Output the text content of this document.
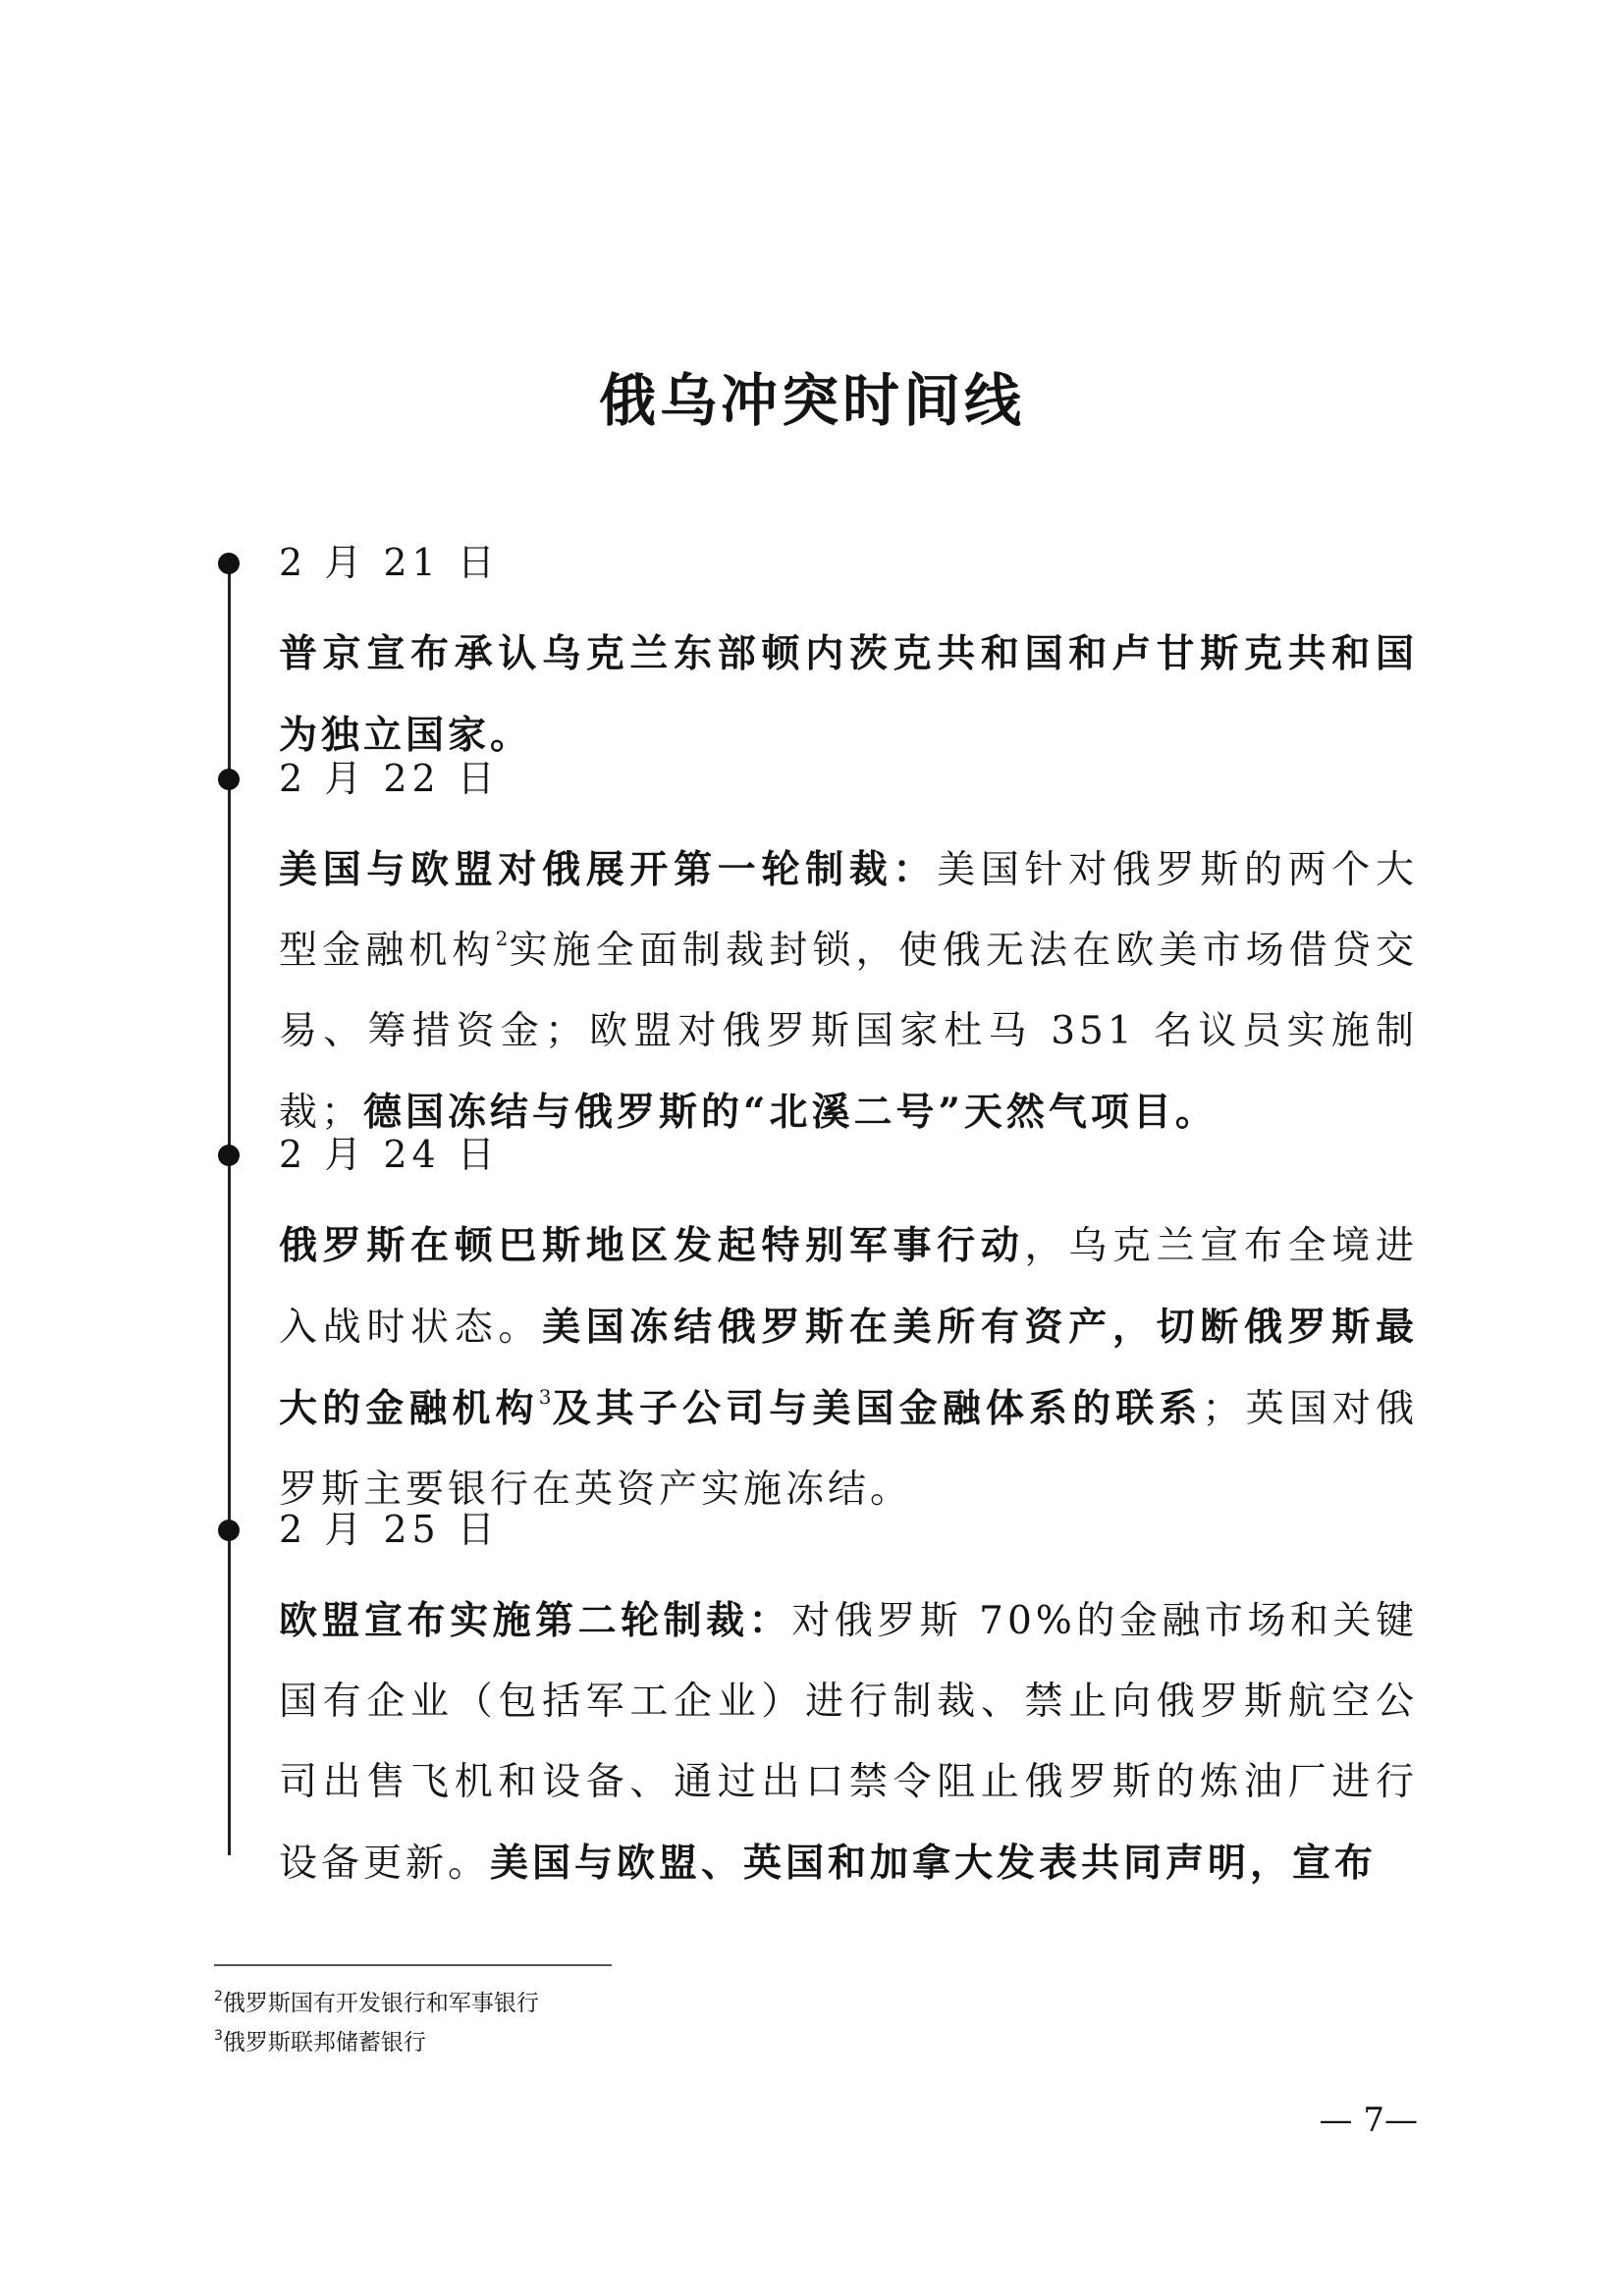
俄乌冲突时间线

2 月 21 日

普京宣布承认乌克兰东部顿内茨克共和国和卢甘斯克共和国为独立国家。

2 月 22 日

美国与欧盟对俄展开第一轮制裁：美国针对俄罗斯的两个大型金融机构$^2$实施全面制裁封锁，使俄无法在欧美市场借贷交易、筹措资金；欧盟对俄罗斯国家杜马 351 名议员实施制裁；德国冻结与俄罗斯的“北溪二号”天然气项目。

2 月 24 日

俄罗斯在顿巴斯地区发起特别军事行动，乌克兰宣布全境进入战时状态。美国冻结俄罗斯在美所有资产，切断俄罗斯最大的金融机构$^3$及其子公司与美国金融体系的联系；英国对俄罗斯主要银行在英资产实施冻结。

2 月 25 日

欧盟宣布实施第二轮制裁：对俄罗斯 70%的金融市场和关键国有企业（包括军工企业）进行制裁、禁止向俄罗斯航空公司出售飞机和设备、通过出口禁令阻止俄罗斯的炼油厂进行设备更新。美国与欧盟、英国和加拿大发表共同声明，宣布

$^2$俄罗斯国有开发银行和军事银行

$^3$俄罗斯联邦储蓄银行

— 7—
